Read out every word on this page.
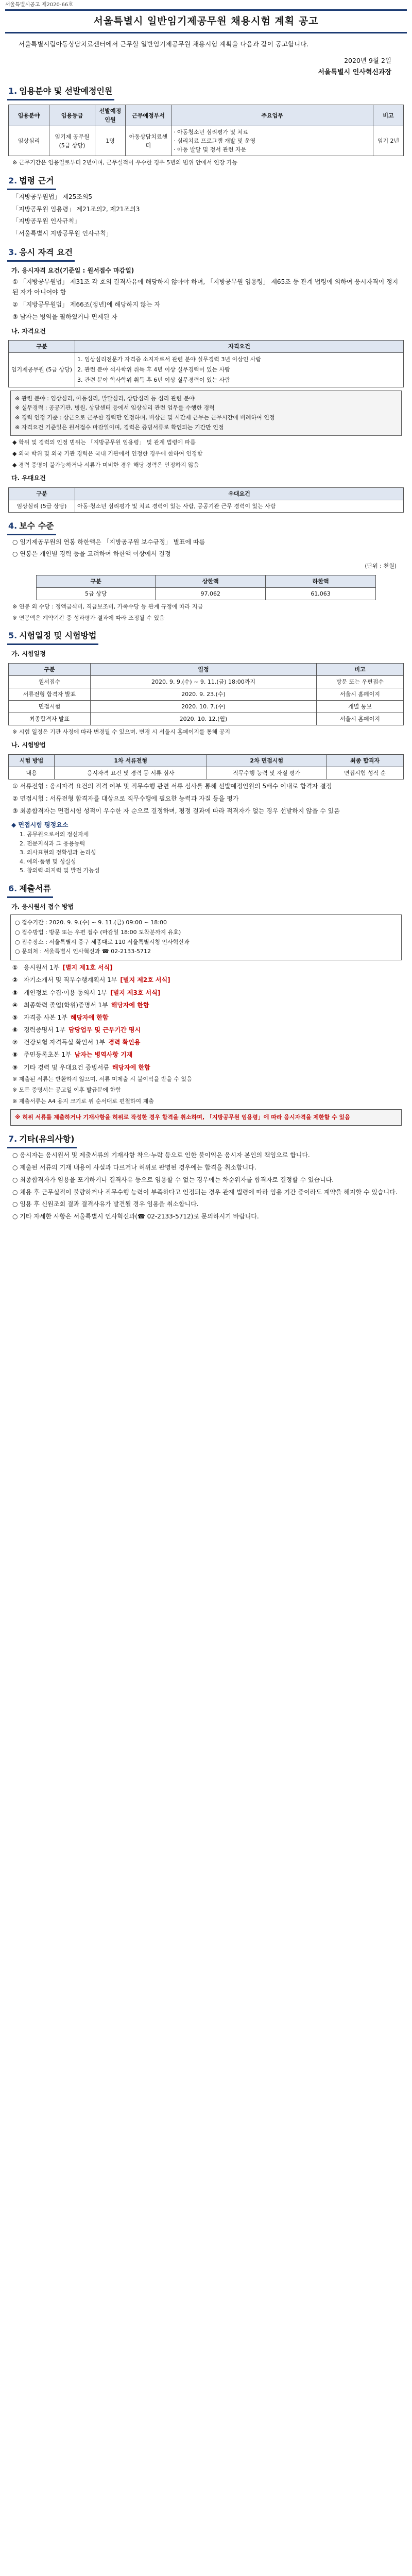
서울특별시공고 제2020-66호
서울특별시 일반임기제공무원 채용시험 계획 공고
서울특별시립아동상담치료센터에서 근무할 일반임기제공무원 채용시험 계획을 다음과 같이 공고합니다.
2020년 9월 2일
서울특별시 인사혁신과장
1. 임용분야 및 선발예정인원
임용분야	임용등급	선발예정인원	근무예정부서	주요업무	비고
임상심리	임기제 공무원 (5급 상당)	1명	아동상담치료센터	· 아동청소년 심리평가 및 치료
· 심리치료 프로그램 개발 및 운영
· 아동 발달 및 정서 관련 자문	임기 2년
※ 근무기간은 임용일로부터 2년이며, 근무실적이 우수한 경우 5년의 범위 안에서 연장 가능
2. 법령 근거
「지방공무원법」 제25조의5
「지방공무원 임용령」 제21조의2, 제21조의3
「지방공무원 인사규칙」
「서울특별시 지방공무원 인사규칙」
3. 응시 자격 요건
가. 응시자격 요건(기준일 : 원서접수 마감일)
① 「지방공무원법」 제31조 각 호의 결격사유에 해당하지 않아야 하며, 「지방공무원 임용령」 제65조 등 관계 법령에 의하여 응시자격이 정지된 자가 아니어야 함
② 「지방공무원법」 제66조(정년)에 해당하지 않는 자
③ 남자는 병역을 필하였거나 면제된 자
나. 자격요건
구분	자격요건
임기제공무원 (5급 상당)	1. 임상심리전문가 자격증 소지자로서 관련 분야 실무경력 3년 이상인 사람
2. 관련 분야 석사학위 취득 후 4년 이상 실무경력이 있는 사람
3. 관련 분야 학사학위 취득 후 6년 이상 실무경력이 있는 사람
※ 관련 분야 : 임상심리, 아동심리, 발달심리, 상담심리 등 심리 관련 분야
※ 실무경력 : 공공기관, 병원, 상담센터 등에서 임상심리 관련 업무를 수행한 경력
※ 경력 인정 기준 : 상근으로 근무한 경력만 인정하며, 비상근 및 시간제 근무는 근무시간에 비례하여 인정
※ 자격요건 기준일은 원서접수 마감일이며, 경력은 증빙서류로 확인되는 기간만 인정
◆ 학위 및 경력의 인정 범위는 「지방공무원 임용령」 및 관계 법령에 따름
◆ 외국 학위 및 외국 기관 경력은 국내 기관에서 인정한 경우에 한하여 인정함
◆ 경력 증명이 불가능하거나 서류가 미비한 경우 해당 경력은 인정하지 않음
다. 우대요건
구분	우대요건
임상심리 (5급 상당)	아동·청소년 심리평가 및 치료 경력이 있는 사람, 공공기관 근무 경력이 있는 사람
4. 보수 수준
○ 임기제공무원의 연봉 하한액은 「지방공무원 보수규정」 별표에 따름
○ 연봉은 개인별 경력 등을 고려하여 하한액 이상에서 결정
(단위 : 천원)
구분	상한액	하한액
5급 상당	97,062	61,063
※ 연봉 외 수당 : 정액급식비, 직급보조비, 가족수당 등 관계 규정에 따라 지급
※ 연봉액은 계약기간 중 성과평가 결과에 따라 조정될 수 있음
5. 시험일정 및 시험방법
가. 시험일정
구분	일정	비고
원서접수	2020. 9. 9.(수) ~ 9. 11.(금) 18:00까지	방문 또는 우편접수
서류전형 합격자 발표	2020. 9. 23.(수)	서울시 홈페이지
면접시험	2020. 10. 7.(수)	개별 통보
최종합격자 발표	2020. 10. 12.(월)	서울시 홈페이지
※ 시험 일정은 기관 사정에 따라 변경될 수 있으며, 변경 시 서울시 홈페이지를 통해 공지
나. 시험방법
시험 방법	1차 서류전형	2차 면접시험	최종 합격자
내용	응시자격 요건 및 경력 등 서류 심사	직무수행 능력 및 자질 평가	면접시험 성적 순
① 서류전형 : 응시자격 요건의 적격 여부 및 직무수행 관련 서류 심사를 통해 선발예정인원의 5배수 이내로 합격자 결정
② 면접시험 : 서류전형 합격자를 대상으로 직무수행에 필요한 능력과 자질 등을 평가
③ 최종합격자는 면접시험 성적이 우수한 자 순으로 결정하며, 평정 결과에 따라 적격자가 없는 경우 선발하지 않을 수 있음
◆ 면접시험 평정요소
1. 공무원으로서의 정신자세
2. 전문지식과 그 응용능력
3. 의사표현의 정확성과 논리성
4. 예의·품행 및 성실성
5. 창의력·의지력 및 발전 가능성
6. 제출서류
가. 응시원서 접수 방법
○ 접수기간 : 2020. 9. 9.(수) ~ 9. 11.(금) 09:00 ~ 18:00
○ 접수방법 : 방문 또는 우편 접수 (마감일 18:00 도착분까지 유효)
○ 접수장소 : 서울특별시 중구 세종대로 110 서울특별시청 인사혁신과
○ 문의처 : 서울특별시 인사혁신과 ☎ 02-2133-5712
① 응시원서 1부 [별지 제1호 서식]
② 자기소개서 및 직무수행계획서 1부 [별지 제2호 서식]
③ 개인정보 수집·이용 동의서 1부 [별지 제3호 서식]
④ 최종학력 졸업(학위)증명서 1부 해당자에 한함
⑤ 자격증 사본 1부 해당자에 한함
⑥ 경력증명서 1부 담당업무 및 근무기간 명시
⑦ 건강보험 자격득실 확인서 1부 경력 확인용
⑧ 주민등록초본 1부 남자는 병역사항 기재
⑨ 기타 경력 및 우대요건 증빙서류 해당자에 한함
※ 제출된 서류는 반환하지 않으며, 서류 미제출 시 불이익을 받을 수 있음
※ 모든 증명서는 공고일 이후 발급분에 한함
※ 제출서류는 A4 용지 크기로 위 순서대로 편철하여 제출
※ 허위 서류를 제출하거나 기재사항을 허위로 작성한 경우 합격을 취소하며, 「지방공무원 임용령」에 따라 응시자격을 제한할 수 있음
7. 기타(유의사항)
○ 응시자는 응시원서 및 제출서류의 기재사항 착오·누락 등으로 인한 불이익은 응시자 본인의 책임으로 합니다.
○ 제출된 서류의 기재 내용이 사실과 다르거나 허위로 판명된 경우에는 합격을 취소합니다.
○ 최종합격자가 임용을 포기하거나 결격사유 등으로 임용할 수 없는 경우에는 차순위자를 합격자로 결정할 수 있습니다.
○ 채용 후 근무실적이 불량하거나 직무수행 능력이 부족하다고 인정되는 경우 관계 법령에 따라 임용 기간 중이라도 계약을 해지할 수 있습니다.
○ 임용 후 신원조회 결과 결격사유가 발견될 경우 임용을 취소합니다.
○ 기타 자세한 사항은 서울특별시 인사혁신과(☎ 02-2133-5712)로 문의하시기 바랍니다.
